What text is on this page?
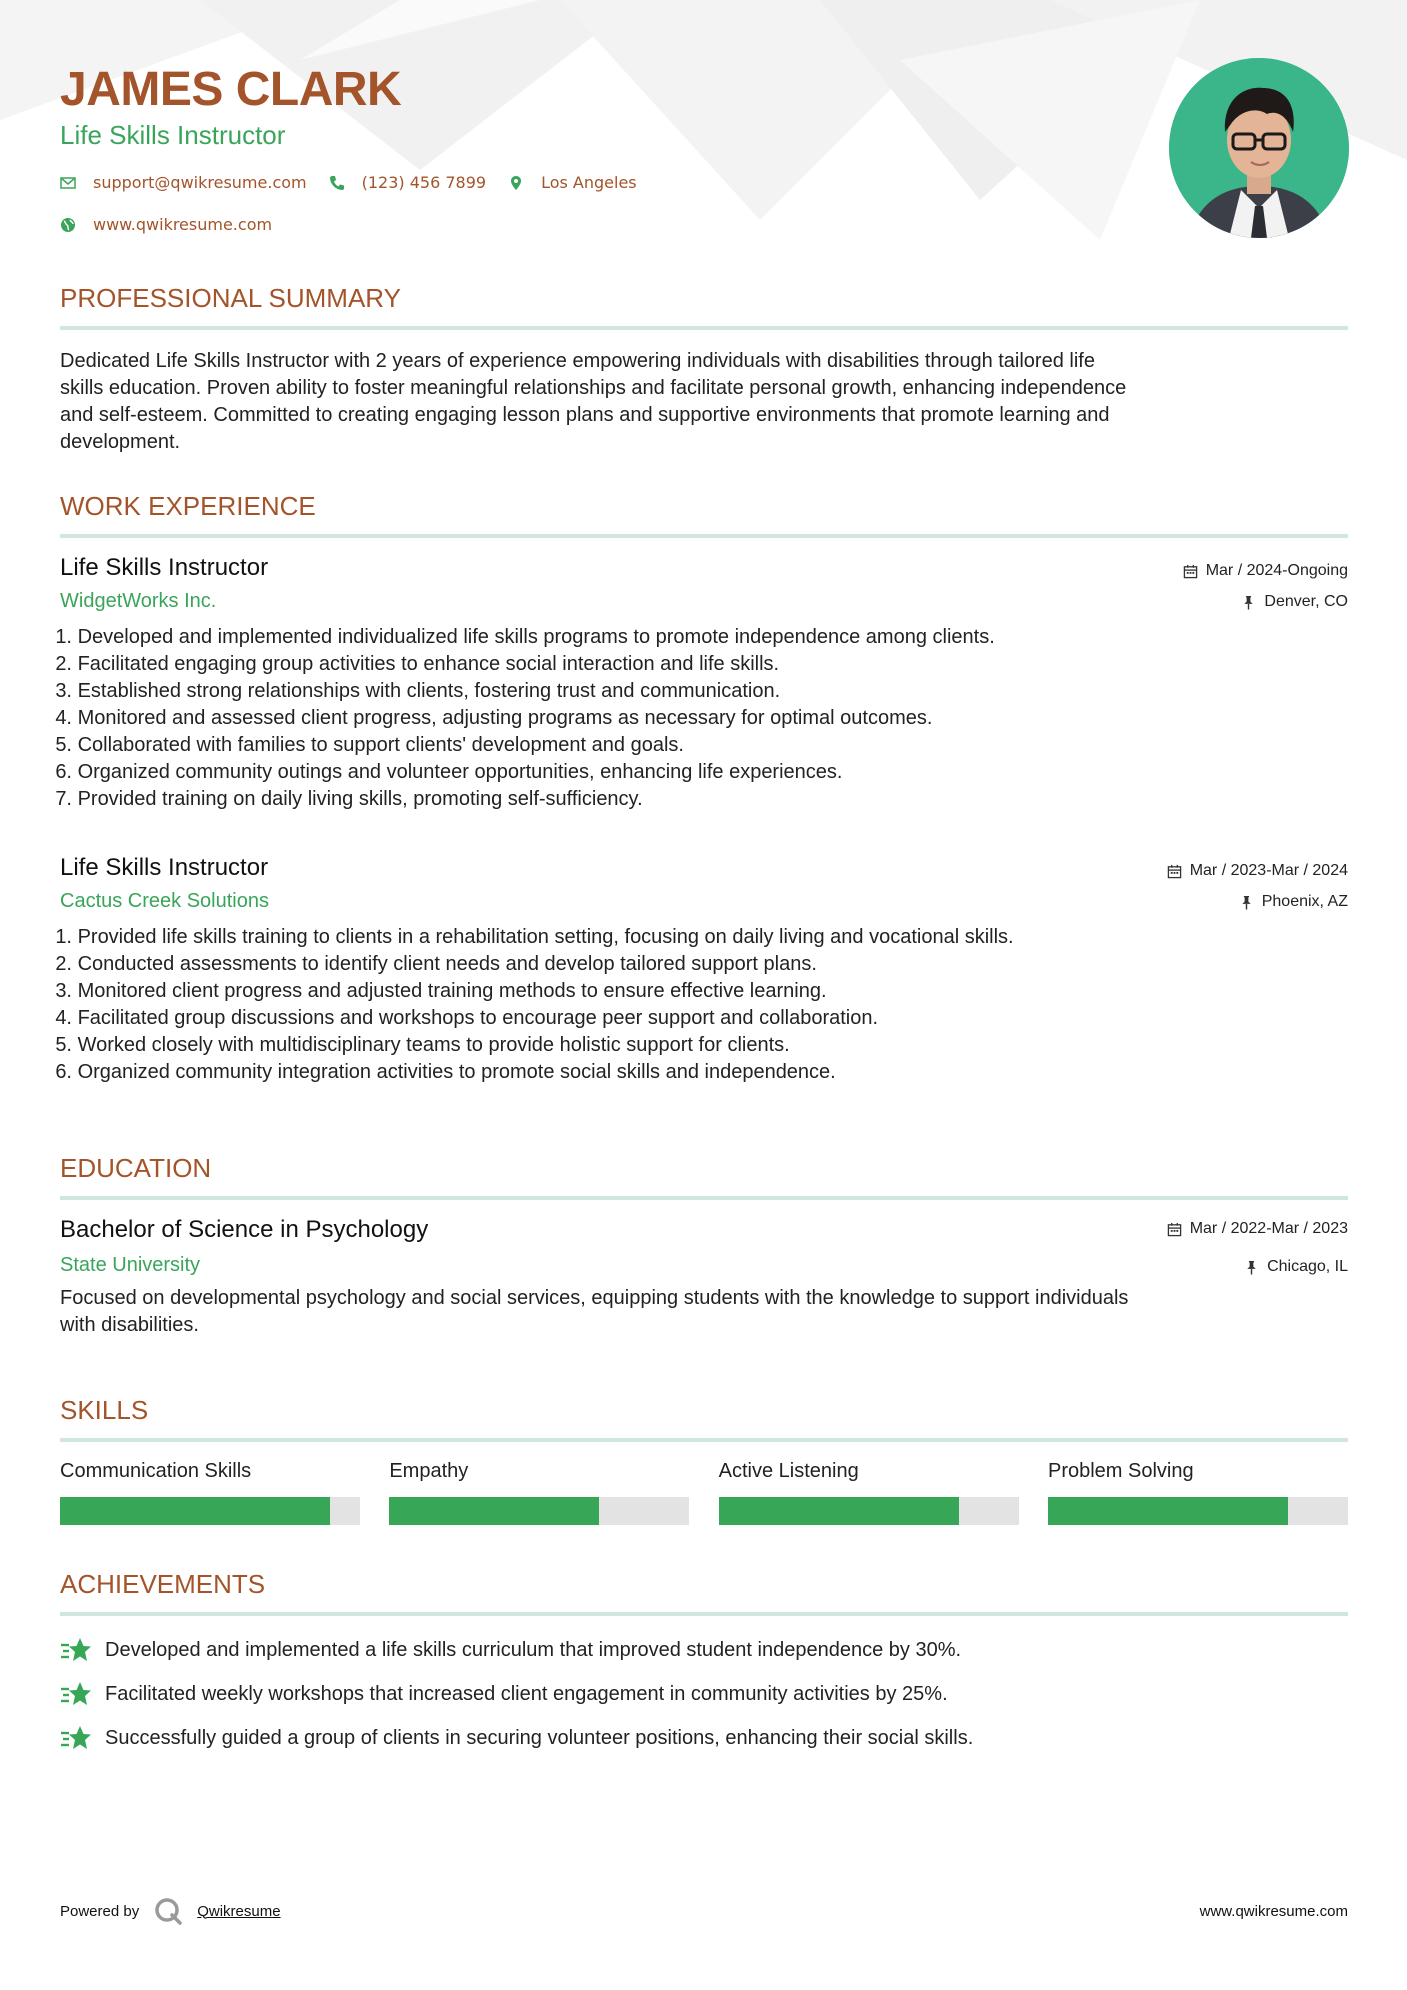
JAMES CLARK
Life Skills Instructor
support@qwikresume.com	(123) 456 7899	Los Angeles
www.qwikresume.com
PROFESSIONAL SUMMARY
Dedicated Life Skills Instructor with 2 years of experience empowering individuals with disabilities through tailored life
skills education. Proven ability to foster meaningful relationships and facilitate personal growth, enhancing independence
and self-esteem. Committed to creating engaging lesson plans and supportive environments that promote learning and
development.
WORK EXPERIENCE
Life Skills Instructor
WidgetWorks Inc.
Mar / 2024-Ongoing
Denver, CO
1. Developed and implemented individualized life skills programs to promote independence among clients.
2. Facilitated engaging group activities to enhance social interaction and life skills.
3. Established strong relationships with clients, fostering trust and communication.
4. Monitored and assessed client progress, adjusting programs as necessary for optimal outcomes.
5. Collaborated with families to support clients' development and goals.
6. Organized community outings and volunteer opportunities, enhancing life experiences.
7. Provided training on daily living skills, promoting self-sufficiency.
Life Skills Instructor
Cactus Creek Solutions
Mar / 2023-Mar / 2024
Phoenix, AZ
1. Provided life skills training to clients in a rehabilitation setting, focusing on daily living and vocational skills.
2. Conducted assessments to identify client needs and develop tailored support plans.
3. Monitored client progress and adjusted training methods to ensure effective learning.
4. Facilitated group discussions and workshops to encourage peer support and collaboration.
5. Worked closely with multidisciplinary teams to provide holistic support for clients.
6. Organized community integration activities to promote social skills and independence.
EDUCATION
Bachelor of Science in Psychology
State University
Mar / 2022-Mar / 2023
Chicago, IL
Focused on developmental psychology and social services, equipping students with the knowledge to support individuals
with disabilities.
SKILLS
Communication Skills	Empathy	Active Listening	Problem Solving
ACHIEVEMENTS
Developed and implemented a life skills curriculum that improved student independence by 30%.
Facilitated weekly workshops that increased client engagement in community activities by 25%.
Successfully guided a group of clients in securing volunteer positions, enhancing their social skills.
Powered by	Qwikresume	www.qwikresume.com
